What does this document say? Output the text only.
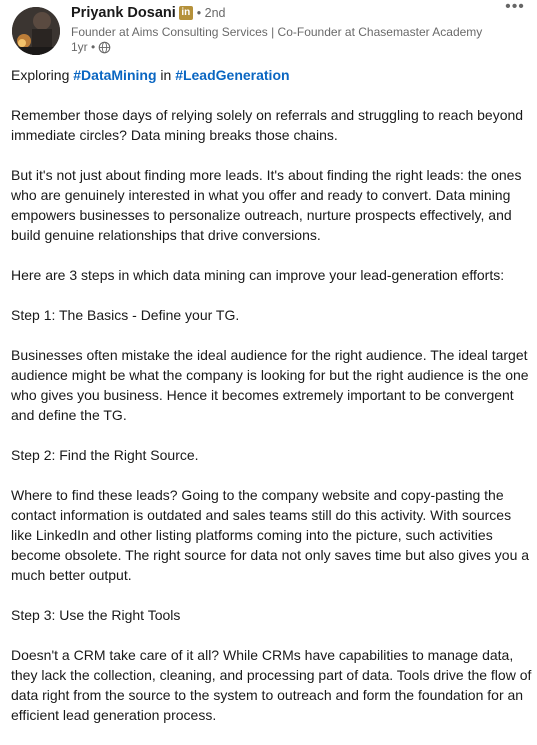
Priyank Dosani in • 2nd
Founder at Aims Consulting Services | Co-Founder at Chasemaster Academy
1yr •
•••

Exploring #DataMining in #LeadGeneration

Remember those days of relying solely on referrals and struggling to reach beyond immediate circles? Data mining breaks those chains.

But it's not just about finding more leads. It's about finding the right leads: the ones who are genuinely interested in what you offer and ready to convert. Data mining empowers businesses to personalize outreach, nurture prospects effectively, and build genuine relationships that drive conversions.

Here are 3 steps in which data mining can improve your lead-generation efforts:

Step 1: The Basics - Define your TG.

Businesses often mistake the ideal audience for the right audience. The ideal target audience might be what the company is looking for but the right audience is the one who gives you business. Hence it becomes extremely important to be convergent and define the TG.

Step 2: Find the Right Source.

Where to find these leads? Going to the company website and copy-pasting the contact information is outdated and sales teams still do this activity. With sources like LinkedIn and other listing platforms coming into the picture, such activities become obsolete. The right source for data not only saves time but also gives you a much better output.

Step 3: Use the Right Tools

Doesn't a CRM take care of it all? While CRMs have capabilities to manage data, they lack the collection, cleaning, and processing part of data. Tools drive the flow of data right from the source to the system to outreach and form the foundation for an efficient lead generation process.
